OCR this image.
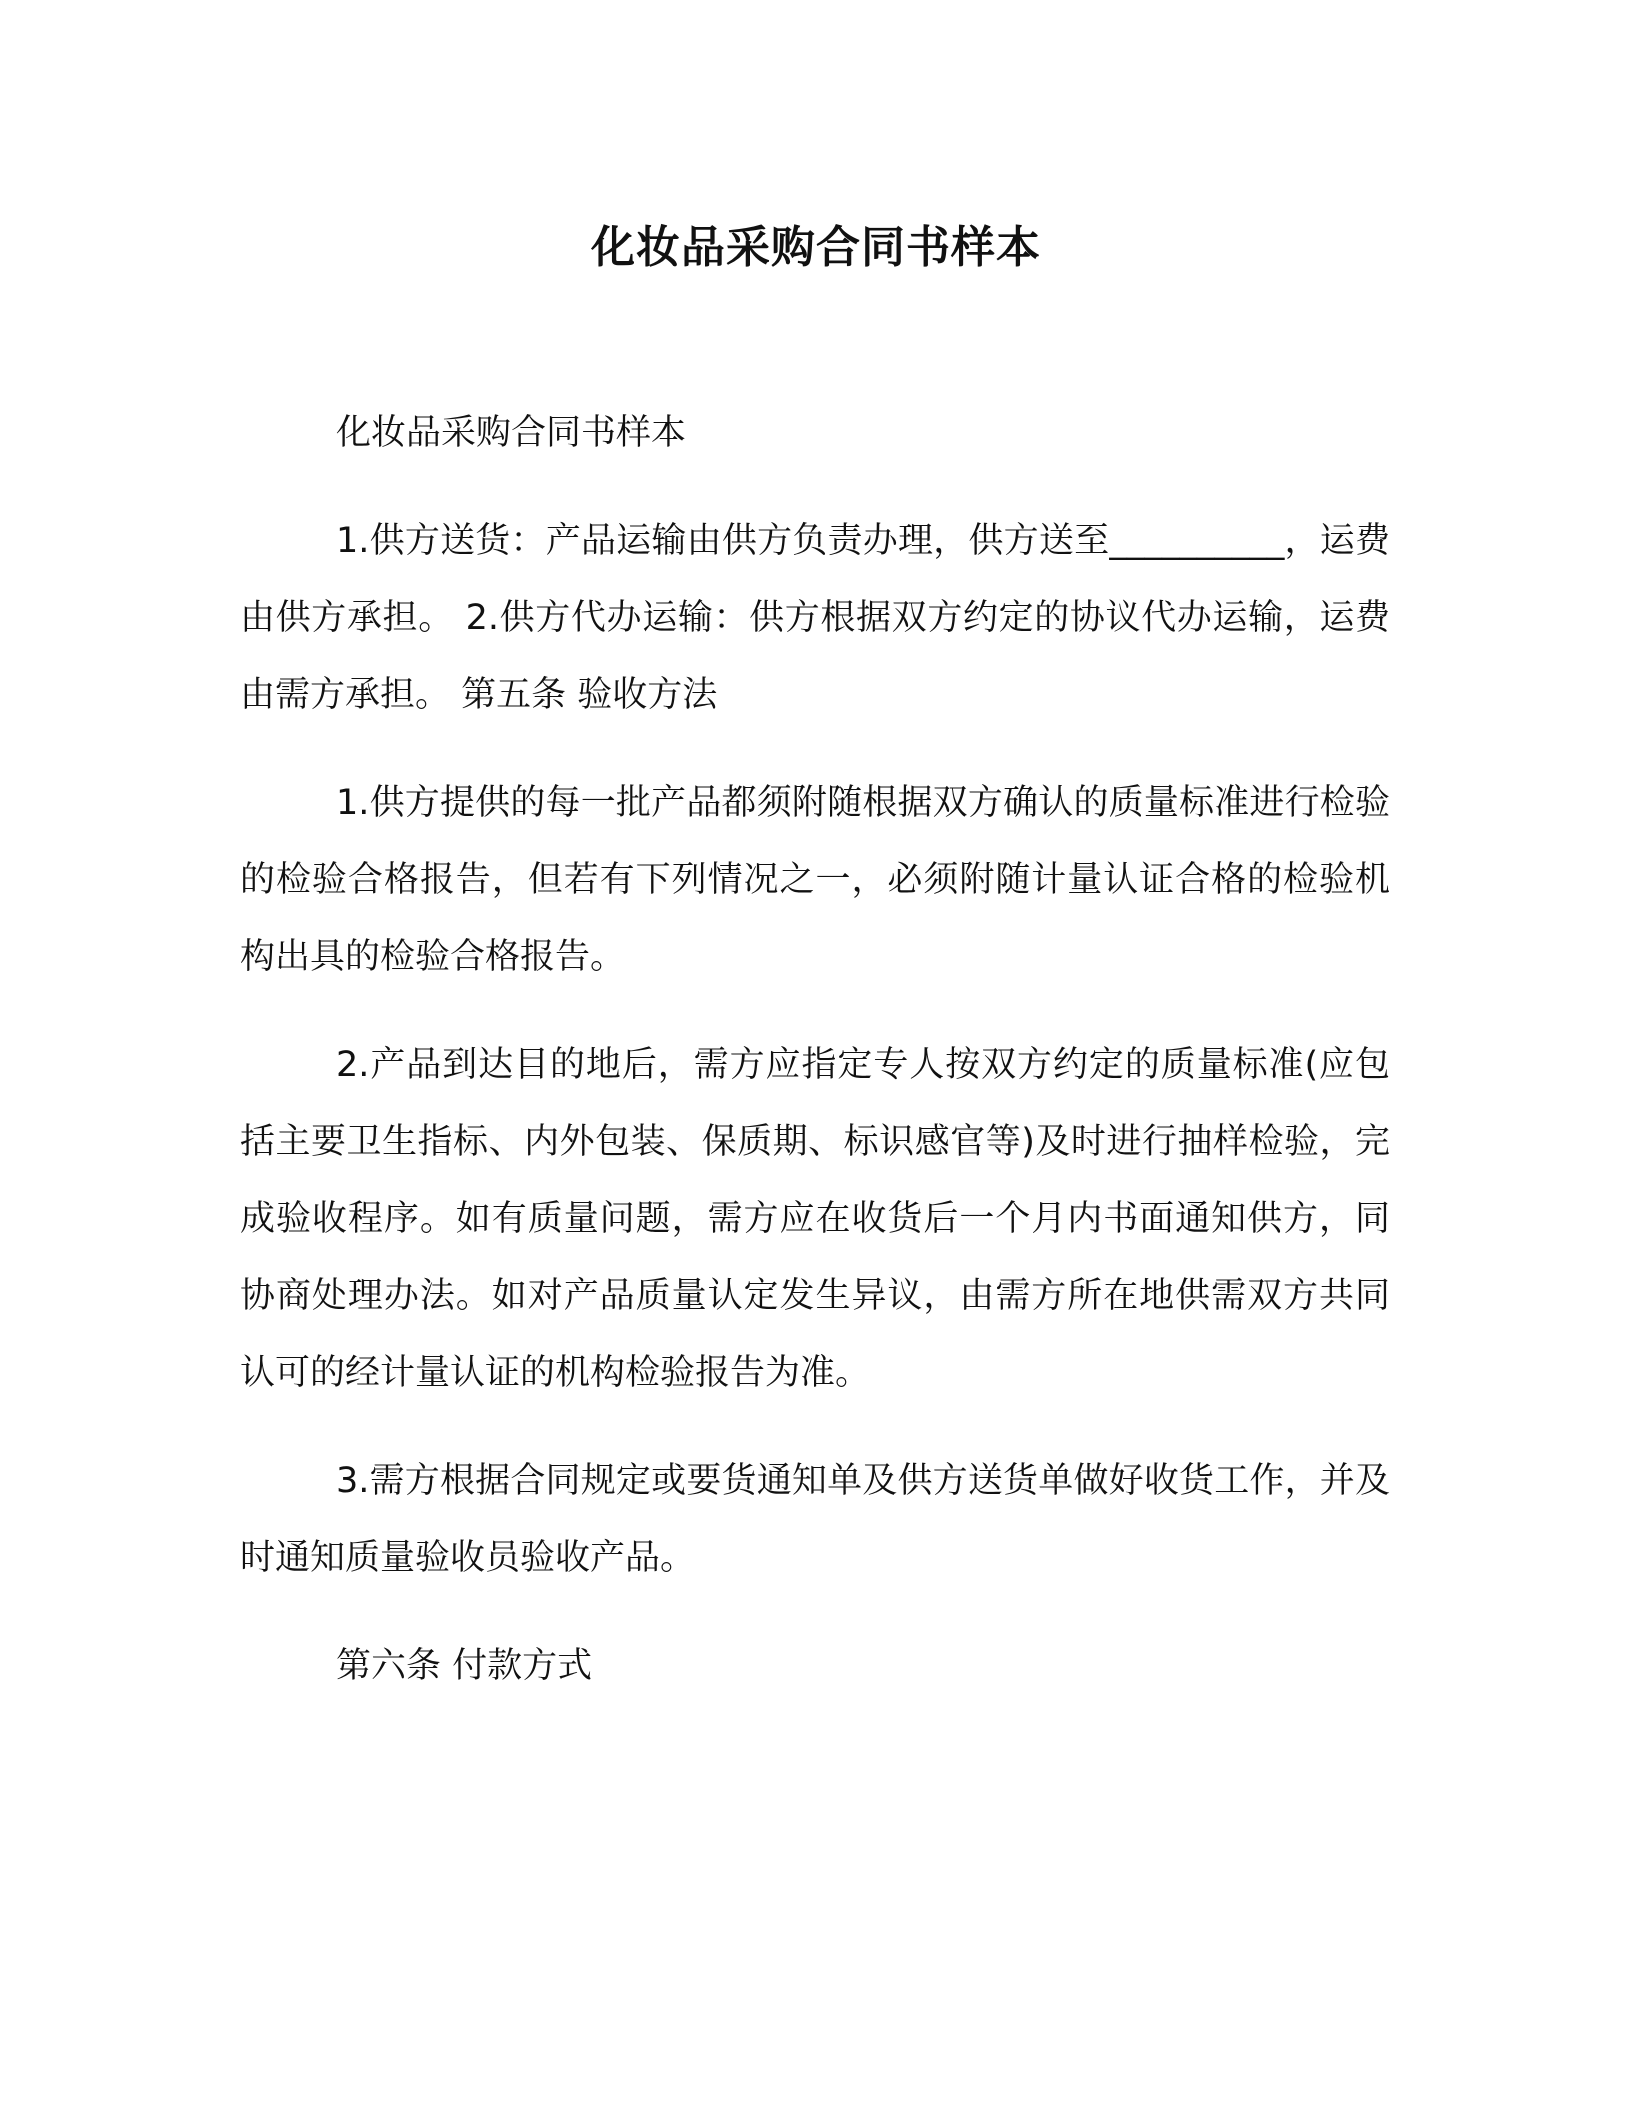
化妆品采购合同书样本

化妆品采购合同书样本

1.供方送货：产品运输由供方负责办理，供方送至__________，运费由供方承担。 2.供方代办运输：供方根据双方约定的协议代办运输，运费由需方承担。 第五条 验收方法

1.供方提供的每一批产品都须附随根据双方确认的质量标准进行检验的检验合格报告，但若有下列情况之一，必须附随计量认证合格的检验机构出具的检验合格报告。

2.产品到达目的地后，需方应指定专人按双方约定的质量标准(应包括主要卫生指标、内外包装、保质期、标识感官等)及时进行抽样检验，完成验收程序。如有质量问题，需方应在收货后一个月内书面通知供方，同协商处理办法。如对产品质量认定发生异议，由需方所在地供需双方共同认可的经计量认证的机构检验报告为准。

3.需方根据合同规定或要货通知单及供方送货单做好收货工作，并及时通知质量验收员验收产品。

第六条 付款方式
